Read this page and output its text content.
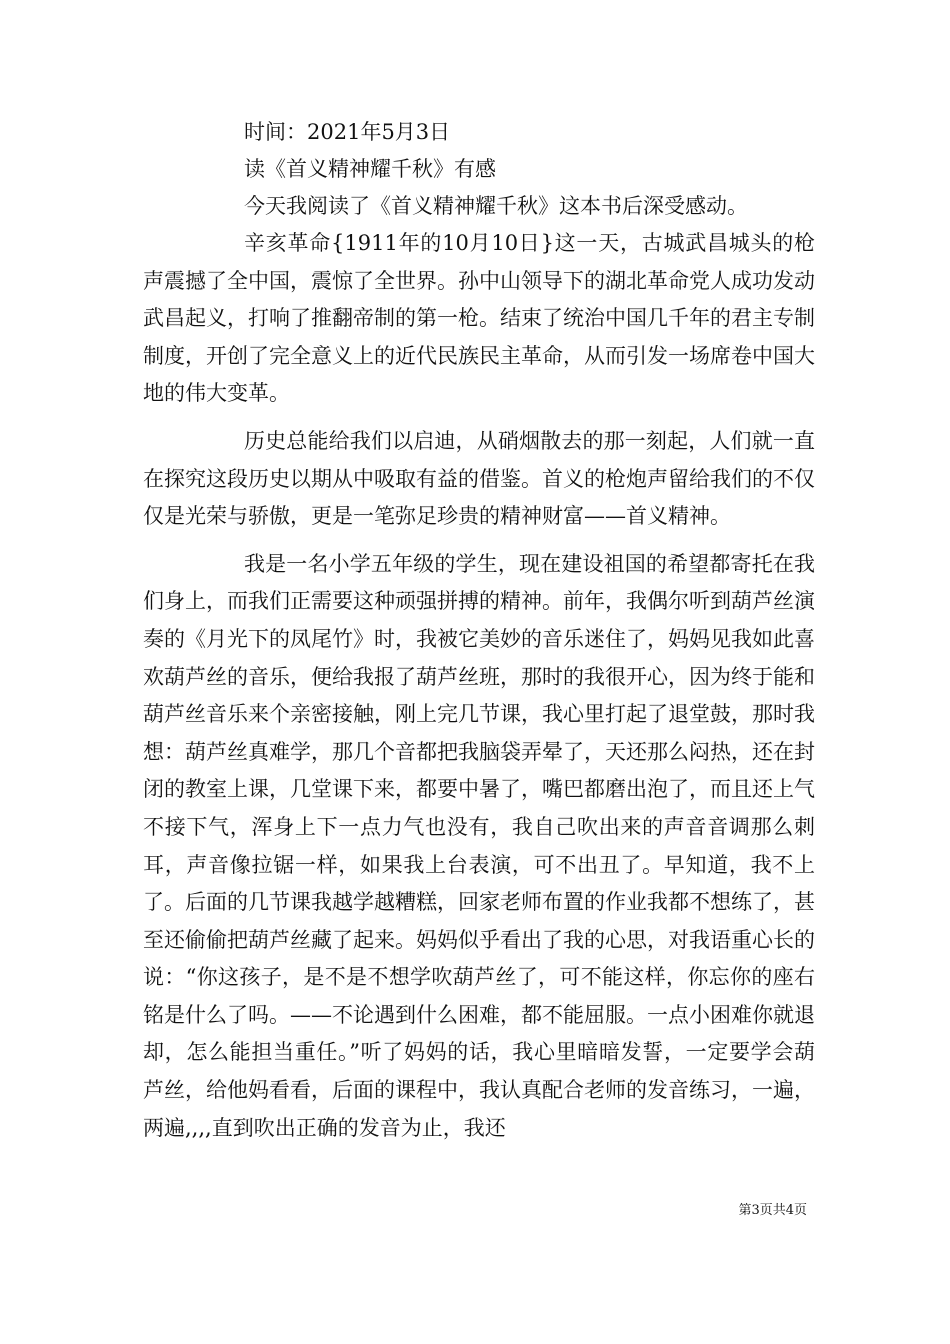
时间：2021年5月3日

读《首义精神耀千秋》有感

今天我阅读了《首义精神耀千秋》这本书后深受感动。

辛亥革命{1911年的10月10日}这一天，古城武昌城头的枪声震撼了全中国，震惊了全世界。孙中山领导下的湖北革命党人成功发动武昌起义，打响了推翻帝制的第一枪。结束了统治中国几千年的君主专制制度，开创了完全意义上的近代民族民主革命，从而引发一场席卷中国大地的伟大变革。

历史总能给我们以启迪，从硝烟散去的那一刻起，人们就一直在探究这段历史以期从中吸取有益的借鉴。首义的枪炮声留给我们的不仅仅是光荣与骄傲，更是一笔弥足珍贵的精神财富——首义精神。

我是一名小学五年级的学生，现在建设祖国的希望都寄托在我们身上，而我们正需要这种顽强拼搏的精神。前年，我偶尔听到葫芦丝演奏的《月光下的凤尾竹》时，我被它美妙的音乐迷住了，妈妈见我如此喜欢葫芦丝的音乐，便给我报了葫芦丝班，那时的我很开心，因为终于能和葫芦丝音乐来个亲密接触，刚上完几节课，我心里打起了退堂鼓，那时我想：葫芦丝真难学，那几个音都把我脑袋弄晕了，天还那么闷热，还在封闭的教室上课，几堂课下来，都要中暑了，嘴巴都磨出泡了，而且还上气不接下气，浑身上下一点力气也没有，我自己吹出来的声音音调那么刺耳，声音像拉锯一样，如果我上台表演，可不出丑了。早知道，我不上了。后面的几节课我越学越糟糕，回家老师布置的作业我都不想练了，甚至还偷偷把葫芦丝藏了起来。妈妈似乎看出了我的心思，对我语重心长的说：“你这孩子，是不是不想学吹葫芦丝了，可不能这样，你忘你的座右铭是什么了吗。——不论遇到什么困难，都不能屈服。一点小困难你就退却，怎么能担当重任。”听了妈妈的话，我心里暗暗发誓，一定要学会葫芦丝，给他妈看看，后面的课程中，我认真配合老师的发音练习，一遍，两遍,,,,直到吹出正确的发音为止，我还

第3页共4页
